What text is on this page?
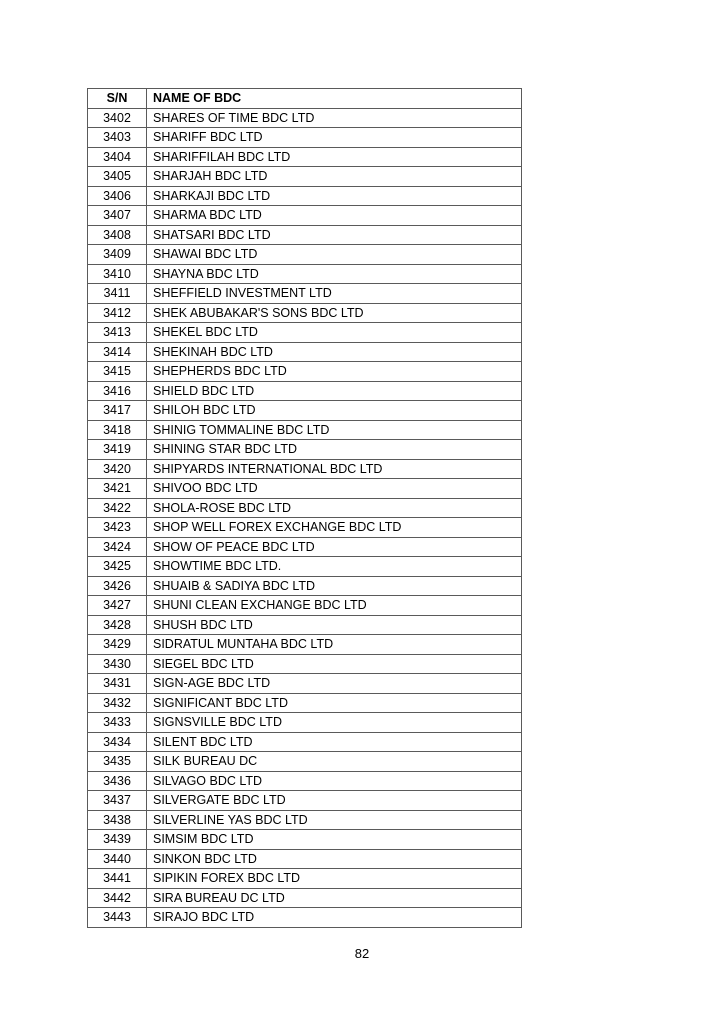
S/N	NAME OF BDC
3402	SHARES OF TIME BDC LTD
3403	SHARIFF BDC LTD
3404	SHARIFFILAH BDC LTD
3405	SHARJAH BDC LTD
3406	SHARKAJI BDC LTD
3407	SHARMA BDC LTD
3408	SHATSARI BDC LTD
3409	SHAWAI BDC LTD
3410	SHAYNA BDC LTD
3411	SHEFFIELD INVESTMENT LTD
3412	SHEK ABUBAKAR'S SONS BDC LTD
3413	SHEKEL BDC LTD
3414	SHEKINAH BDC LTD
3415	SHEPHERDS BDC LTD
3416	SHIELD BDC LTD
3417	SHILOH BDC LTD
3418	SHINIG TOMMALINE BDC LTD
3419	SHINING STAR BDC LTD
3420	SHIPYARDS INTERNATIONAL BDC LTD
3421	SHIVOO BDC LTD
3422	SHOLA-ROSE BDC LTD
3423	SHOP WELL FOREX EXCHANGE BDC LTD
3424	SHOW OF PEACE BDC LTD
3425	SHOWTIME BDC LTD.
3426	SHUAIB & SADIYA BDC LTD
3427	SHUNI CLEAN EXCHANGE BDC LTD
3428	SHUSH BDC LTD
3429	SIDRATUL MUNTAHA BDC LTD
3430	SIEGEL BDC LTD
3431	SIGN-AGE BDC LTD
3432	SIGNIFICANT BDC LTD
3433	SIGNSVILLE BDC LTD
3434	SILENT BDC LTD
3435	SILK BUREAU DC
3436	SILVAGO BDC LTD
3437	SILVERGATE BDC LTD
3438	SILVERLINE YAS BDC LTD
3439	SIMSIM BDC LTD
3440	SINKON BDC LTD
3441	SIPIKIN FOREX BDC LTD
3442	SIRA BUREAU DC LTD
3443	SIRAJO BDC LTD
82
